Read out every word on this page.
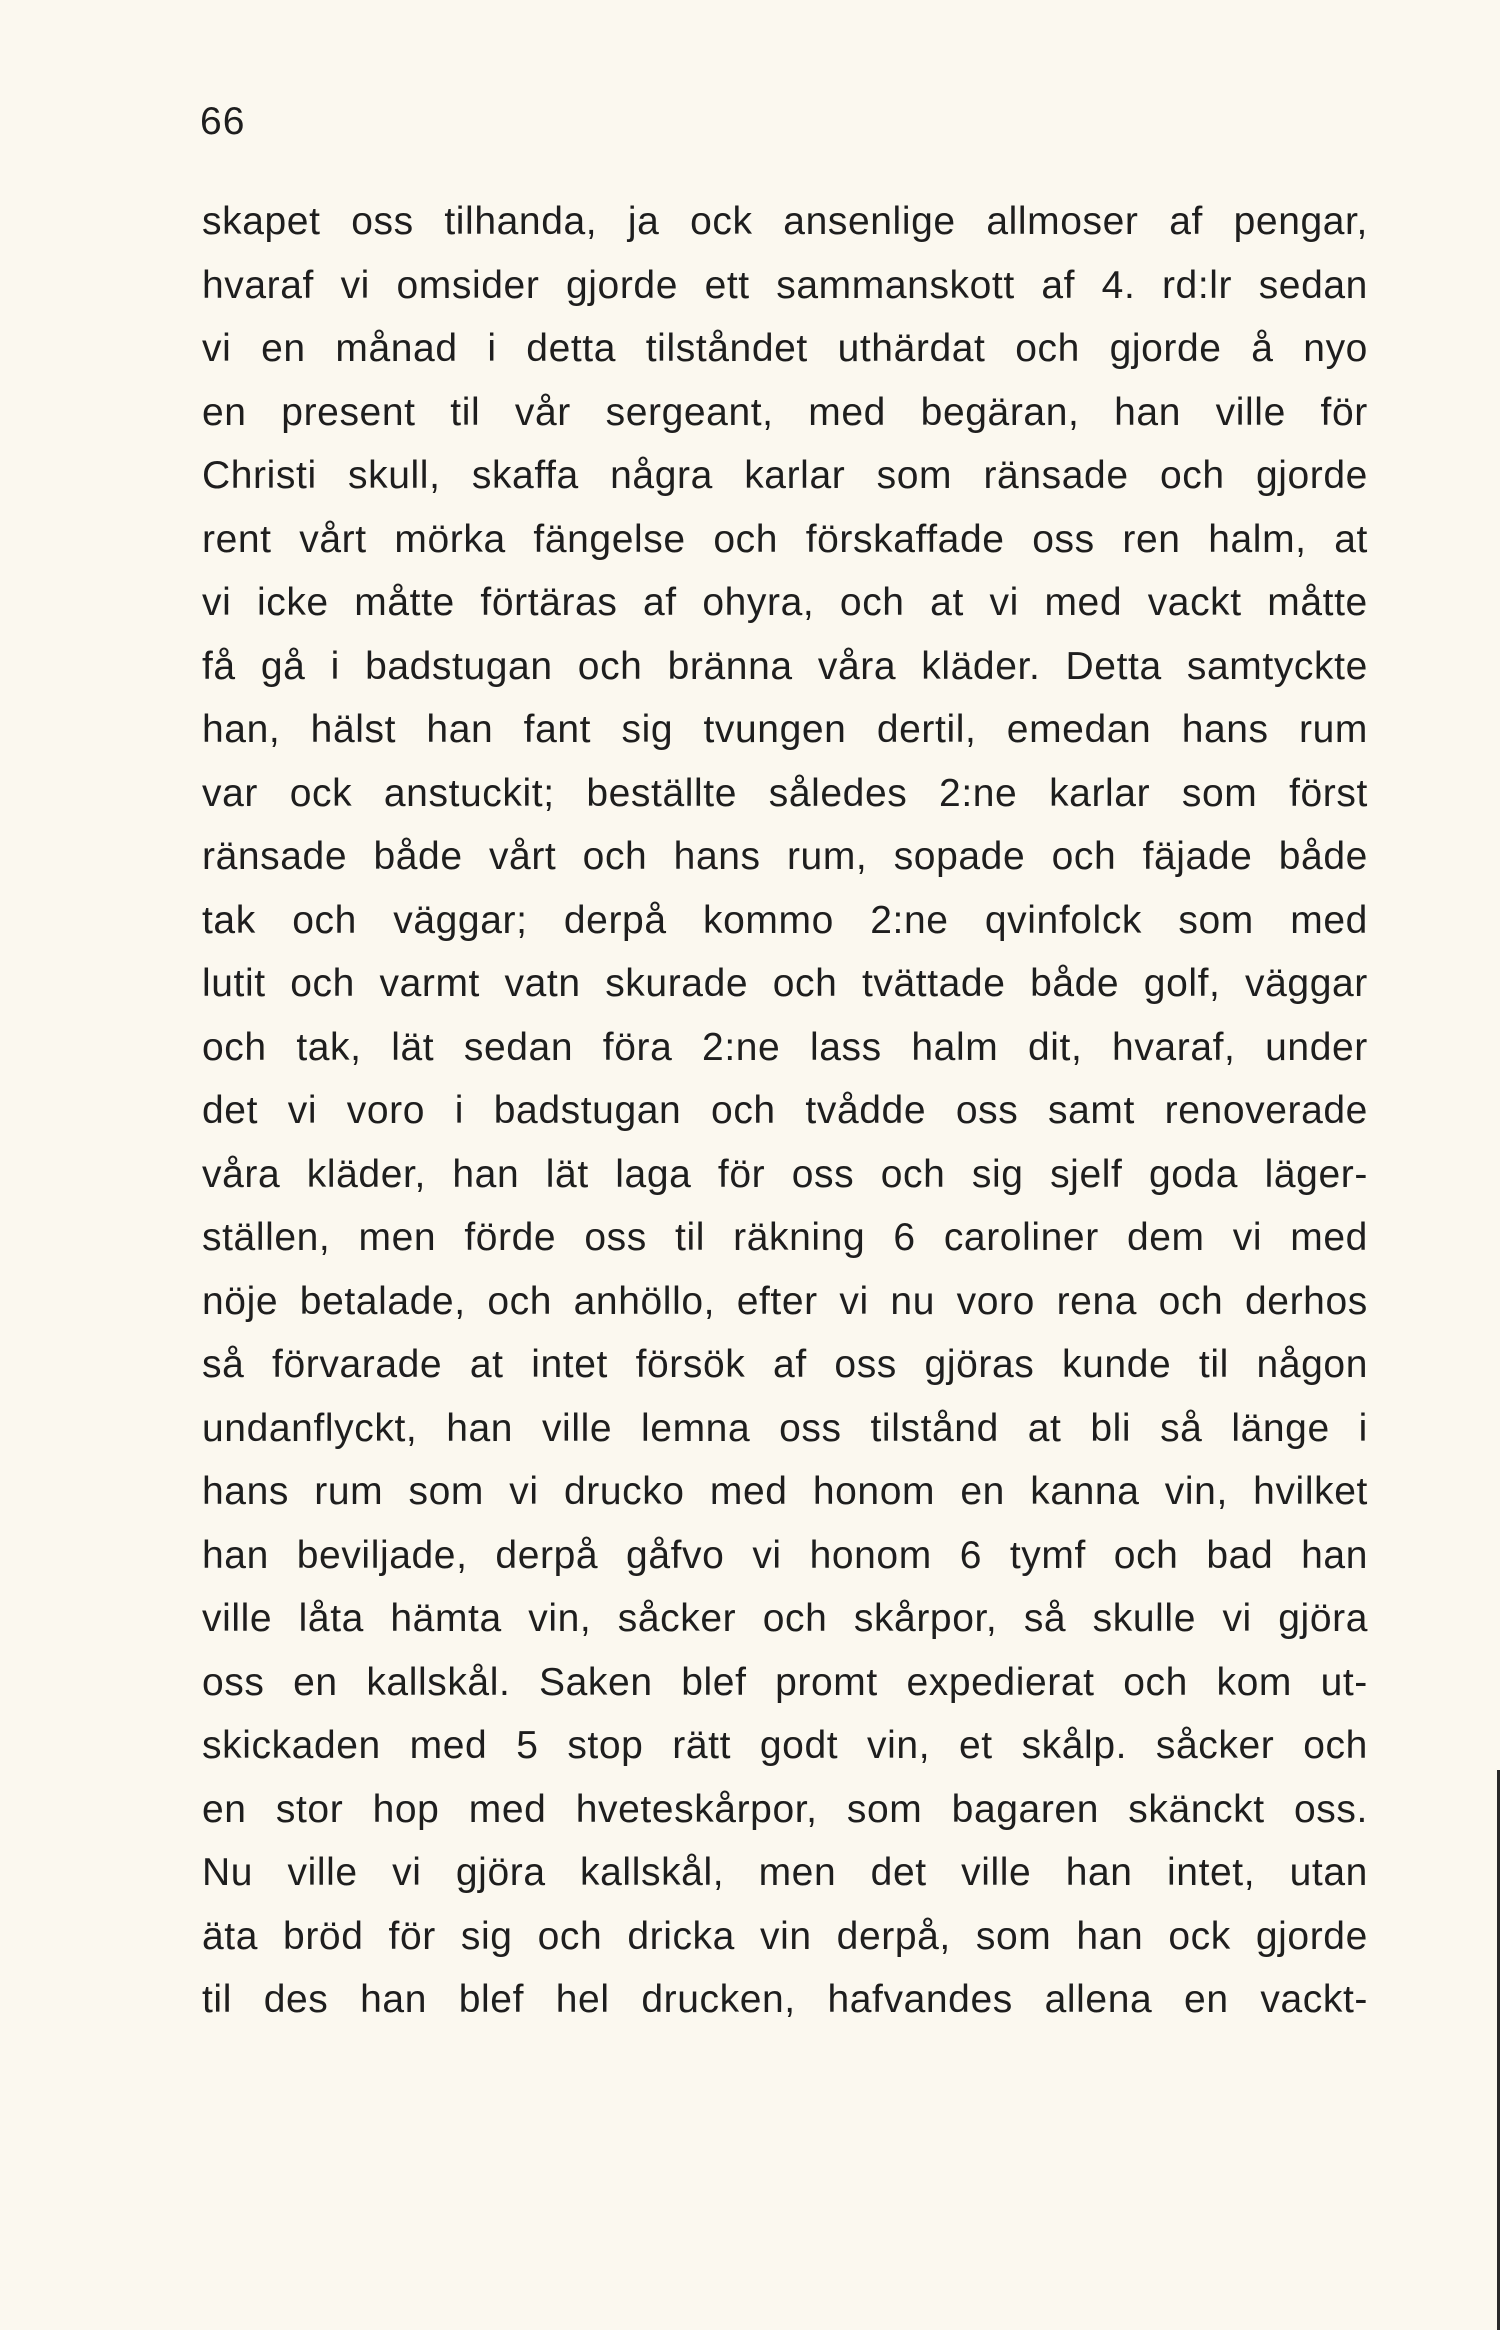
66
skapet oss tilhanda, ja ock ansenlige allmoser af pengar,
hvaraf vi omsider gjorde ett sammanskott af 4. rd:lr sedan
vi en månad i detta tilståndet uthärdat och gjorde å nyo
en present til vår sergeant, med begäran, han ville för
Christi skull, skaffa några karlar som ränsade och gjorde
rent vårt mörka fängelse och förskaffade oss ren halm, at
vi icke måtte förtäras af ohyra, och at vi med vackt måtte
få gå i badstugan och bränna våra kläder. Detta samtyckte
han, hälst han fant sig tvungen dertil, emedan hans rum
var ock anstuckit; beställte således 2:ne karlar som först
ränsade både vårt och hans rum, sopade och fäjade både
tak och väggar; derpå kommo 2:ne qvinfolck som med
lutit och varmt vatn skurade och tvättade både golf, väggar
och tak, lät sedan föra 2:ne lass halm dit, hvaraf, under
det vi voro i badstugan och tvådde oss samt renoverade
våra kläder, han lät laga för oss och sig sjelf goda läger-
ställen, men förde oss til räkning 6 caroliner dem vi med
nöje betalade, och anhöllo, efter vi nu voro rena och derhos
så förvarade at intet försök af oss gjöras kunde til någon
undanflyckt, han ville lemna oss tilstånd at bli så länge i
hans rum som vi drucko med honom en kanna vin, hvilket
han beviljade, derpå gåfvo vi honom 6 tymf och bad han
ville låta hämta vin, såcker och skårpor, så skulle vi gjöra
oss en kallskål. Saken blef promt expedierat och kom ut-
skickaden med 5 stop rätt godt vin, et skålp. såcker och
en stor hop med hveteskårpor, som bagaren skänckt oss.
Nu ville vi gjöra kallskål, men det ville han intet, utan
äta bröd för sig och dricka vin derpå, som han ock gjorde
til des han blef hel drucken, hafvandes allena en vackt-
